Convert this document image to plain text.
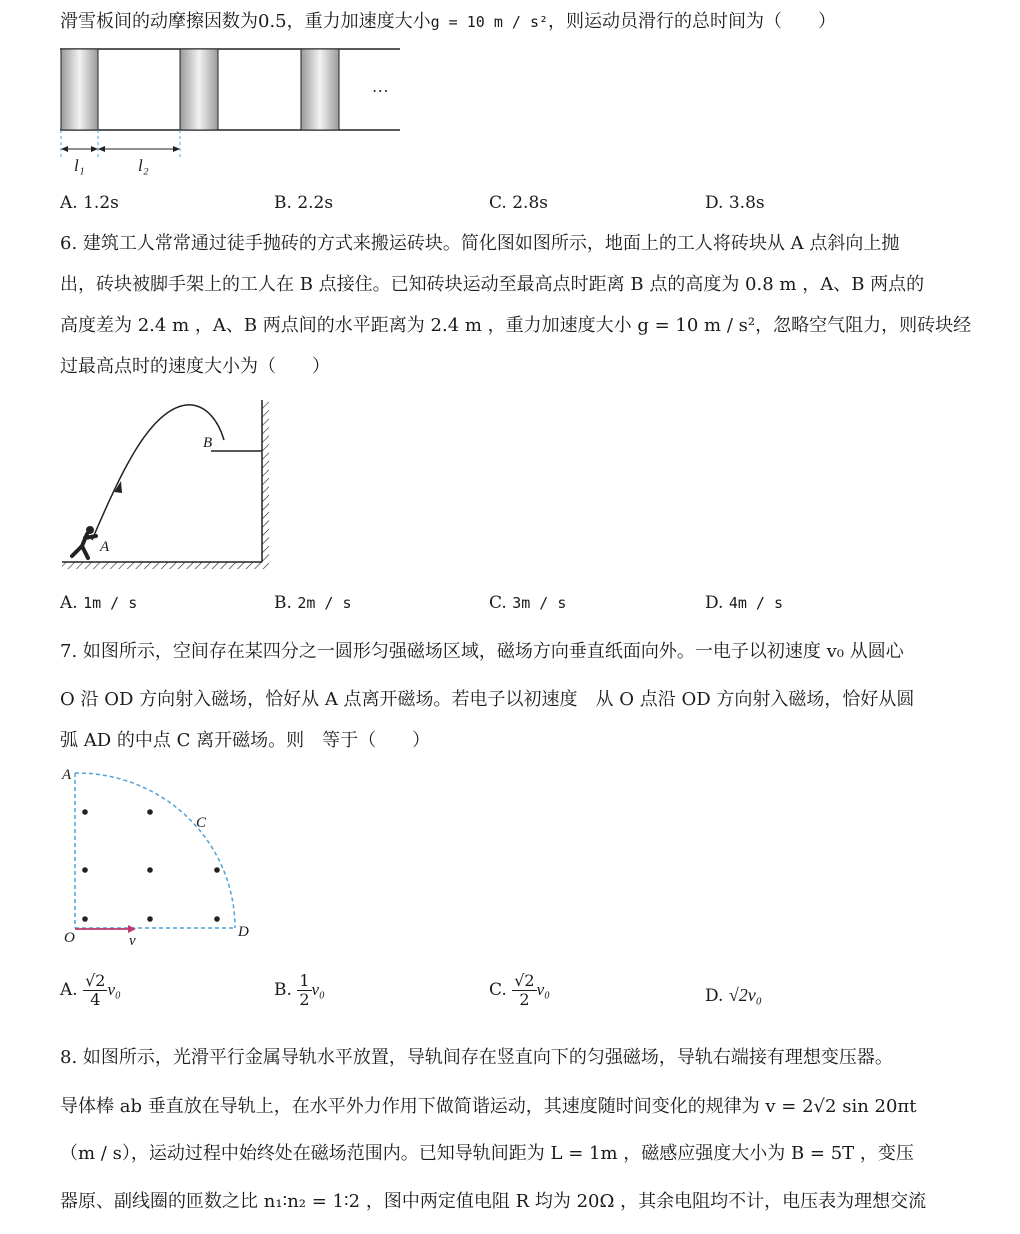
滑雪板间的动摩擦因数为0.5，重力加速度大小g = 10 m / s²，则运动员滑行的总时间为（　　）
…
l₁	l₂
A. 1.2s	B. 2.2s	C. 2.8s	D. 3.8s
6. 建筑工人常常通过徒手抛砖的方式来搬运砖块。简化图如图所示，地面上的工人将砖块从 A 点斜向上抛
出，砖块被脚手架上的工人在 B 点接住。已知砖块运动至最高点时距离 B 点的高度为 0.8 m ，A、B 两点的
高度差为 2.4 m ，A、B 两点间的水平距离为 2.4 m ，重力加速度大小 g = 10 m / s²，忽略空气阻力，则砖块经
过最高点时的速度大小为（　　）
A
B
A. 1m / s	B. 2m / s	C. 3m / s	D. 4m / s
7. 如图所示，空间存在某四分之一圆形匀强磁场区域，磁场方向垂直纸面向外。一电子以初速度 v₀ 从圆心
O 沿 OD 方向射入磁场，恰好从 A 点离开磁场。若电子以初速度　从 O 点沿 OD 方向射入磁场，恰好从圆
弧 AD 的中点 C 离开磁场。则　等于（　　）
A
C
O	D
v
A. $\frac{√2}{4} v_0$	B. $\frac{1}{2} v_0$	C. $\frac{√2}{2} v_0$	D. √2v₀
8. 如图所示，光滑平行金属导轨水平放置，导轨间存在竖直向下的匀强磁场，导轨右端接有理想变压器。
导体棒 ab 垂直放在导轨上，在水平外力作用下做简谐运动，其速度随时间变化的规律为 v = 2√2 sin 20πt
（m / s），运动过程中始终处在磁场范围内。已知导轨间距为 L = 1m ，磁感应强度大小为 B = 5T ，变压
器原、副线圈的匝数之比 n₁∶n₂ = 1∶2 ，图中两定值电阻 R 均为 20Ω ，其余电阻均不计，电压表为理想交流
